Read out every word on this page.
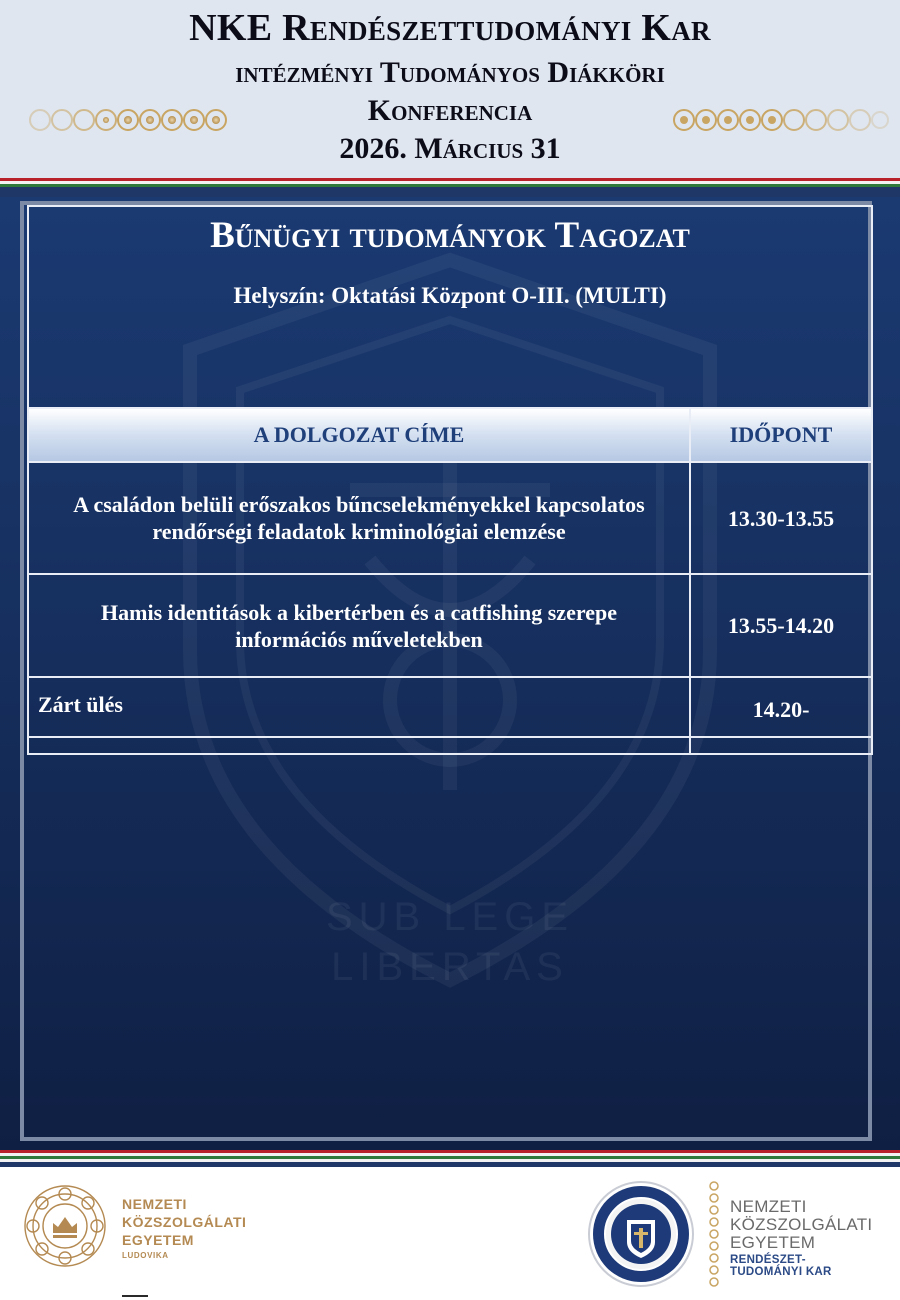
NKE Rendészettudományi Kar
intézményi Tudományos Diákköri
Konferencia
2026. Március 31
SUB LEGE
LIBERTAS
Bűnügyi tudományok Tagozat
Helyszín: Oktatási Központ O-III. (MULTI)
A DOLGOZAT CÍME	IDŐPONT
A családon belüli erőszakos bűncselekményekkel kapcsolatos rendőrségi feladatok kriminológiai elemzése	13.30-13.55
Hamis identitások a kibertérben és a catfishing szerepe információs műveletekben	13.55-14.20
Zárt ülés	14.20-
NEMZETI
KÖZSZOLGÁLATI
EGYETEM
LUDOVIKA
NEMZETI
KÖZSZOLGÁLATI
EGYETEM
RENDÉSZET-
TUDOMÁNYI KAR
